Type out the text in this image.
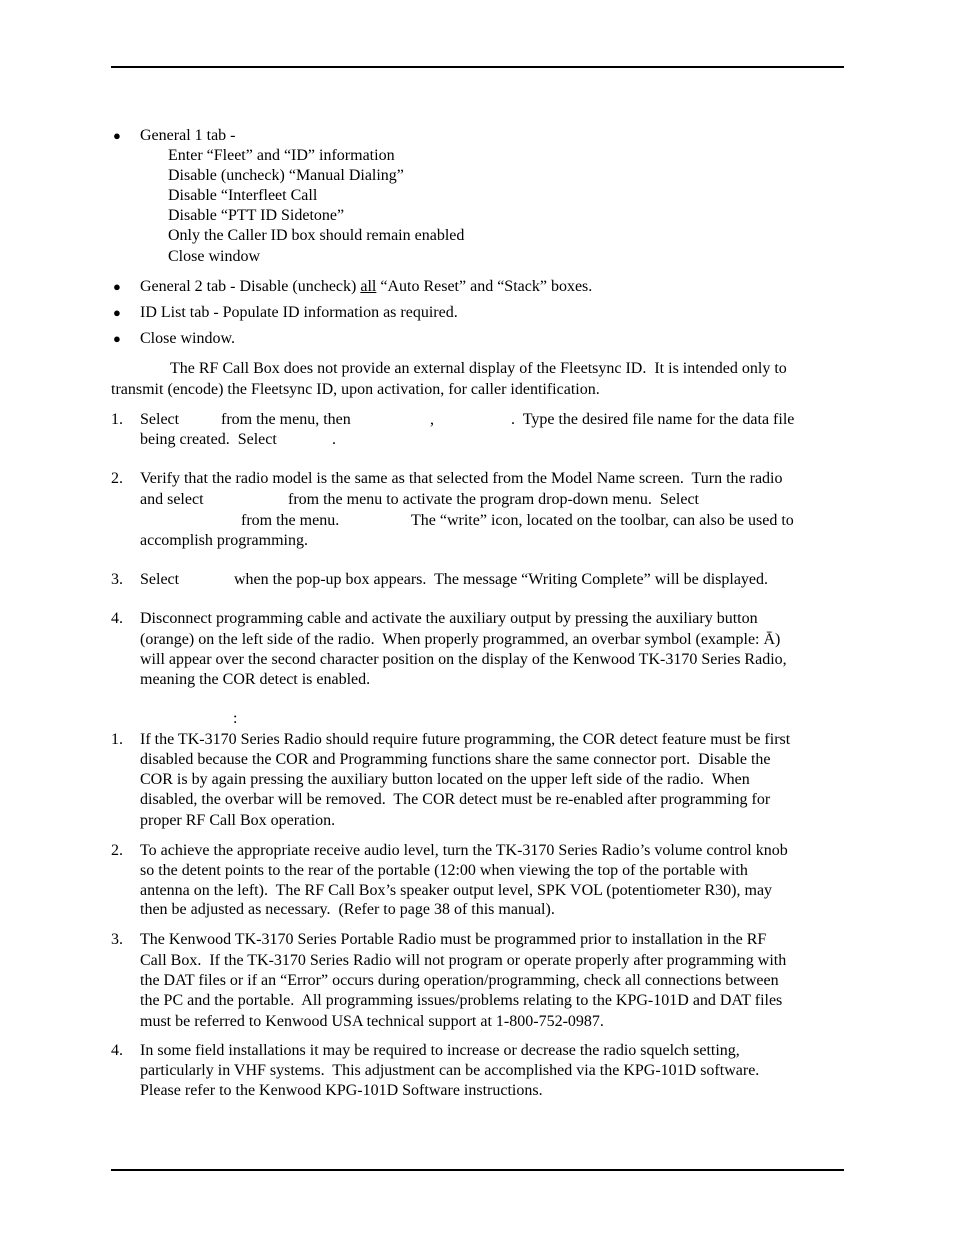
● General 1 tab -
Enter “Fleet” and “ID” information
Disable (uncheck) “Manual Dialing”
Disable “Interfleet Call
Disable “PTT ID Sidetone”
Only the Caller ID box should remain enabled
Close window
● General 2 tab - Disable (uncheck) all “Auto Reset” and “Stack” boxes.
● ID List tab - Populate ID information as required.
● Close window.
The RF Call Box does not provide an external display of the Fleetsync ID.  It is intended only to
transmit (encode) the Fleetsync ID, upon activation, for caller identification.
1. Select	from the menu, then	,	.  Type the desired file name for the data file
being created.  Select	.
2. Verify that the radio model is the same as that selected from the Model Name screen.  Turn the radio
and select	from the menu to activate the program drop-down menu.  Select
from the menu.	The “write” icon, located on the toolbar, can also be used to
accomplish programming.
3. Select	when the pop-up box appears.  The message “Writing Complete” will be displayed.
4. Disconnect programming cable and activate the auxiliary output by pressing the auxiliary button
(orange) on the left side of the radio.  When properly programmed, an overbar symbol (example: Ā)
will appear over the second character position on the display of the Kenwood TK-3170 Series Radio,
meaning the COR detect is enabled.
:
1. If the TK-3170 Series Radio should require future programming, the COR detect feature must be first
disabled because the COR and Programming functions share the same connector port.  Disable the
COR is by again pressing the auxiliary button located on the upper left side of the radio.  When
disabled, the overbar will be removed.  The COR detect must be re-enabled after programming for
proper RF Call Box operation.
2. To achieve the appropriate receive audio level, turn the TK-3170 Series Radio’s volume control knob
so the detent points to the rear of the portable (12:00 when viewing the top of the portable with
antenna on the left).  The RF Call Box’s speaker output level, SPK VOL (potentiometer R30), may
then be adjusted as necessary.  (Refer to page 38 of this manual).
3. The Kenwood TK-3170 Series Portable Radio must be programmed prior to installation in the RF
Call Box.  If the TK-3170 Series Radio will not program or operate properly after programming with
the DAT files or if an “Error” occurs during operation/programming, check all connections between
the PC and the portable.  All programming issues/problems relating to the KPG-101D and DAT files
must be referred to Kenwood USA technical support at 1-800-752-0987.
4. In some field installations it may be required to increase or decrease the radio squelch setting,
particularly in VHF systems.  This adjustment can be accomplished via the KPG-101D software.
Please refer to the Kenwood KPG-101D Software instructions.
